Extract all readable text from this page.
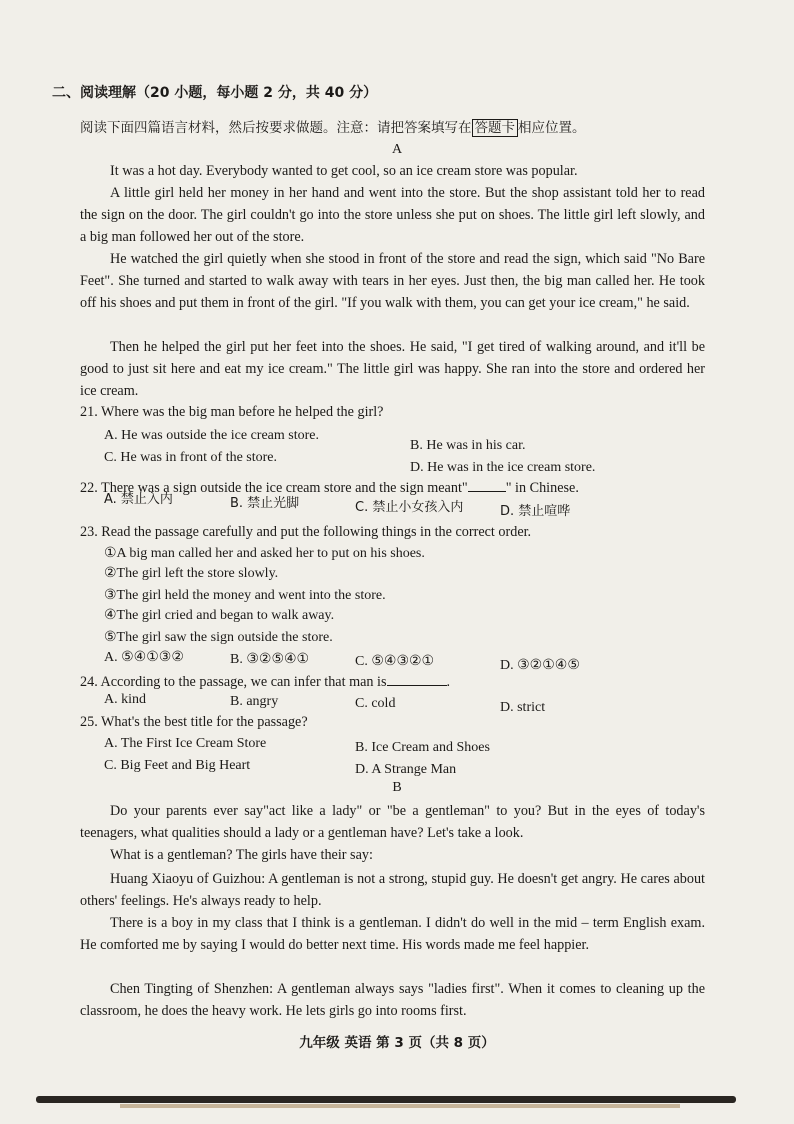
二、阅读理解（20 小题，每小题 2 分，共 40 分）
阅读下面四篇语言材料，然后按要求做题。注意：请把答案填写在 答题卡 相应位置。
A
It was a hot day. Everybody wanted to get cool, so an ice cream store was popular.
A little girl held her money in her hand and went into the store. But the shop assistant told her to read the sign on the door. The girl couldn't go into the store unless she put on shoes. The little girl left slowly, and a big man followed her out of the store.
He watched the girl quietly when she stood in front of the store and read the sign, which said "No Bare Feet". She turned and started to walk away with tears in her eyes. Just then, the big man called her. He took off his shoes and put them in front of the girl. "If you walk with them, you can get your ice cream," he said.
Then he helped the girl put her feet into the shoes. He said, "I get tired of walking around, and it'll be good to just sit here and eat my ice cream." The little girl was happy. She ran into the store and ordered her ice cream.
21. Where was the big man before he helped the girl?
A. He was outside the ice cream store.
B. He was in his car.
C. He was in front of the store.
D. He was in the ice cream store.
22. There was a sign outside the ice cream store and the sign meant"	" in Chinese.
A. 禁止入内	B. 禁止光脚	C. 禁止小女孩入内	D. 禁止喧哗
23. Read the passage carefully and put the following things in the correct order.
①A big man called her and asked her to put on his shoes.
②The girl left the store slowly.
③The girl held the money and went into the store.
④The girl cried and began to walk away.
⑤The girl saw the sign outside the store.
A. ⑤④①③②	B. ③②⑤④①	C. ⑤④③②①	D. ③②①④⑤
24. According to the passage, we can infer that man is	.
A. kind	B. angry	C. cold	D. strict
25. What's the best title for the passage?
A. The First Ice Cream Store	B. Ice Cream and Shoes
C. Big Feet and Big Heart	D. A Strange Man
B
Do your parents ever say"act like a lady" or "be a gentleman" to you? But in the eyes of today's teenagers, what qualities should a lady or a gentleman have? Let's take a look.
What is a gentleman? The girls have their say:
Huang Xiaoyu of Guizhou: A gentleman is not a strong, stupid guy. He doesn't get angry. He cares about others' feelings. He's always ready to help.
There is a boy in my class that I think is a gentleman. I didn't do well in the mid – term English exam. He comforted me by saying I would do better next time. His words made me feel happier.
Chen Tingting of Shenzhen: A gentleman always says "ladies first". When it comes to cleaning up the classroom, he does the heavy work. He lets girls go into rooms first.
九年级 英语 第 3 页（共 8 页）
